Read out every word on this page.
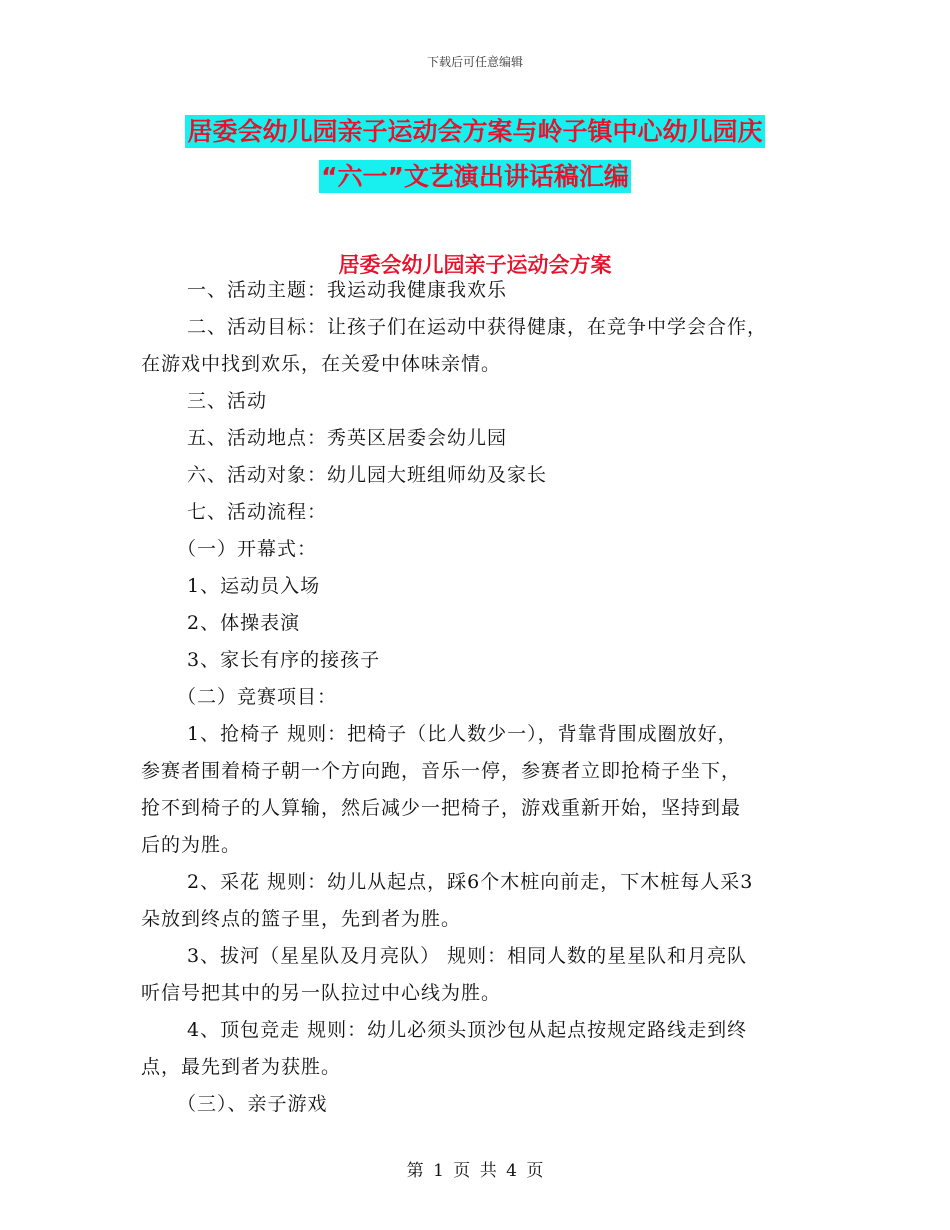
下载后可任意编辑
居委会幼儿园亲子运动会方案与岭子镇中心幼儿园庆
“六一”文艺演出讲话稿汇编
居委会幼儿园亲子运动会方案
一、活动主题：我运动我健康我欢乐
二、活动目标：让孩子们在运动中获得健康，在竞争中学会合作，
在游戏中找到欢乐，在关爱中体味亲情。
三、活动
五、活动地点：秀英区居委会幼儿园
六、活动对象：幼儿园大班组师幼及家长
七、活动流程：
（一）开幕式：
1、运动员入场
2、体操表演
3、家长有序的接孩子
（二）竞赛项目：
1、抢椅子 规则：把椅子（比人数少一），背靠背围成圈放好，
参赛者围着椅子朝一个方向跑，音乐一停，参赛者立即抢椅子坐下，
抢不到椅子的人算输，然后减少一把椅子，游戏重新开始，坚持到最
后的为胜。
2、采花 规则：幼儿从起点，踩6个木桩向前走，下木桩每人采3
朵放到终点的篮子里，先到者为胜。
3、拔河（星星队及月亮队） 规则：相同人数的星星队和月亮队
听信号把其中的另一队拉过中心线为胜。
4、顶包竞走 规则：幼儿必须头顶沙包从起点按规定路线走到终
点，最先到者为获胜。
（三）、亲子游戏
第 1 页 共 4 页
